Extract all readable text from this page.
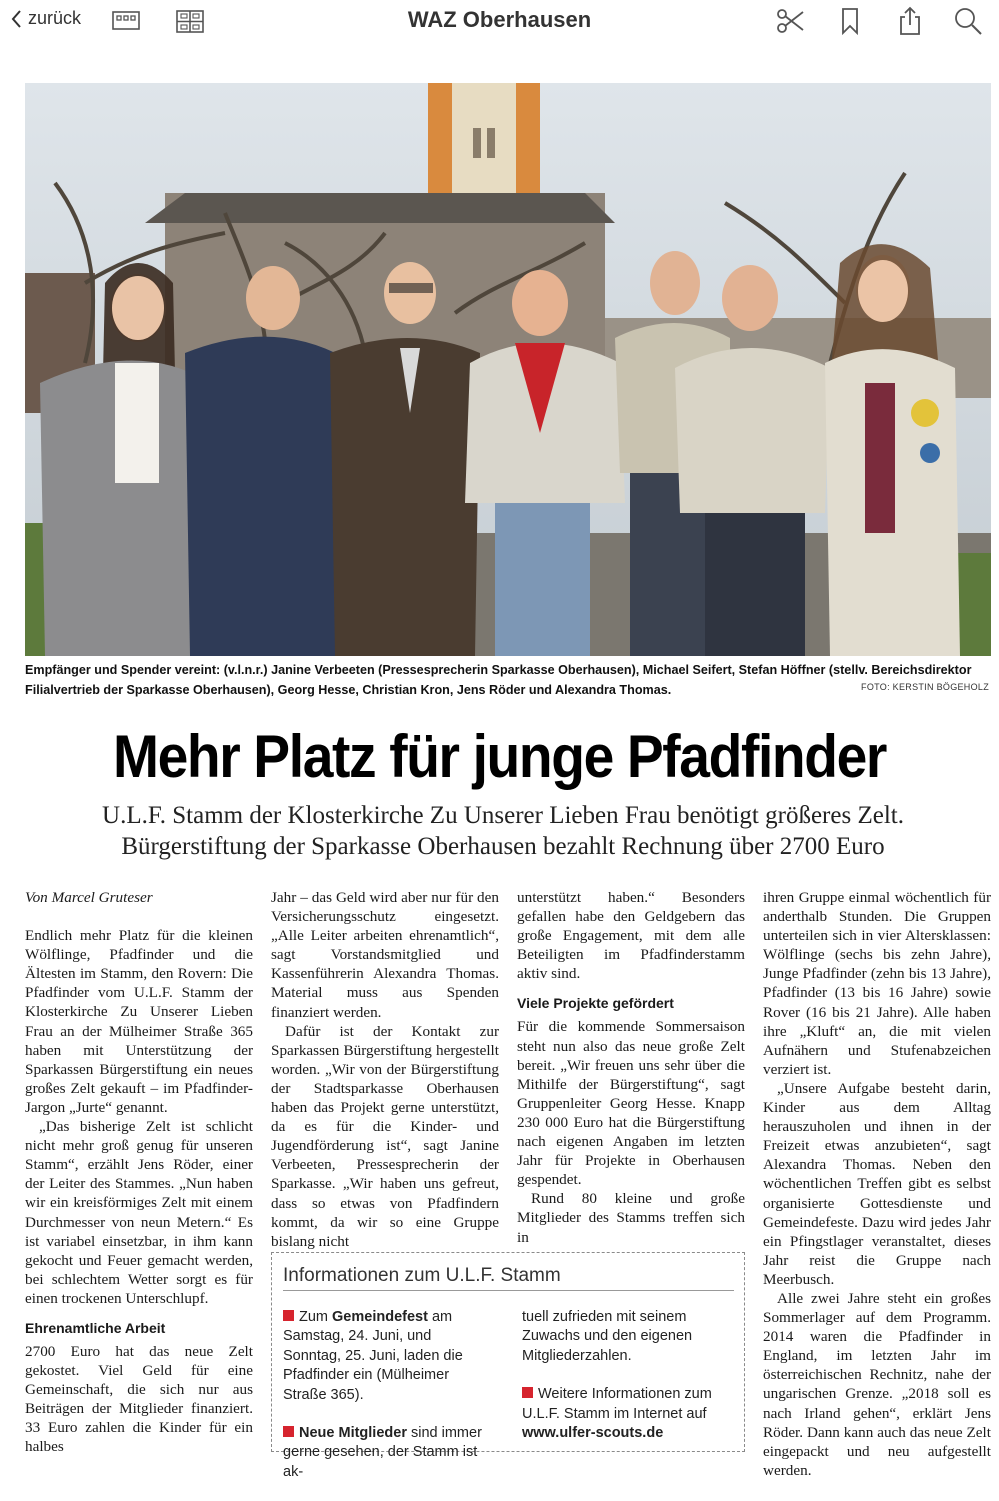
zurück	WAZ Oberhausen
Empfänger und Spender vereint: (v.l.n.r.) Janine Verbeeten (Pressesprecherin Sparkasse Oberhausen), Michael Seifert, Stefan Höffner (stellv. Bereichsdirektor Filialvertrieb der Sparkasse Oberhausen), Georg Hesse, Christian Kron, Jens Röder und Alexandra Thomas.	FOTO: KERSTIN BÖGEHOLZ
Mehr Platz für junge Pfadfinder
U.L.F. Stamm der Klosterkirche Zu Unserer Lieben Frau benötigt größeres Zelt.
Bürgerstiftung der Sparkasse Oberhausen bezahlt Rechnung über 2700 Euro

Von Marcel Gruteser

Endlich mehr Platz für die kleinen Wölflinge, Pfadfinder und die Ältesten im Stamm, den Rovern: Die Pfadfinder vom U.L.F. Stamm der Klosterkirche Zu Unserer Lieben Frau an der Mülheimer Straße 365 haben mit Unterstützung der Sparkassen Bürgerstiftung ein neues großes Zelt gekauft – im Pfadfinder-Jargon „Jurte“ genannt.

„Das bisherige Zelt ist schlicht nicht mehr groß genug für unseren Stamm“, erzählt Jens Röder, einer der Leiter des Stammes. „Nun haben wir ein kreisförmiges Zelt mit einem Durchmesser von neun Metern.“ Es ist variabel einsetzbar, in ihm kann gekocht und Feuer gemacht werden, bei schlechtem Wetter sorgt es für einen trockenen Unterschlupf.

Ehrenamtliche Arbeit

2700 Euro hat das neue Zelt gekostet. Viel Geld für eine Gemeinschaft, die sich nur aus Beiträgen der Mitglieder finanziert. 33 Euro zahlen die Kinder für ein halbes

Jahr – das Geld wird aber nur für den Versicherungsschutz eingesetzt. „Alle Leiter arbeiten ehrenamtlich“, sagt Vorstandsmitglied und Kassenführerin Alexandra Thomas. Material muss aus Spenden finanziert werden.

Dafür ist der Kontakt zur Sparkassen Bürgerstiftung hergestellt worden. „Wir von der Bürgerstiftung der Stadtsparkasse Oberhausen haben das Projekt gerne unterstützt, da es für die Kinder- und Jugendförderung ist“, sagt Janine Verbeeten, Pressesprecherin der Sparkasse. „Wir haben uns gefreut, dass so etwas von Pfadfindern kommt, da wir so eine Gruppe bislang nicht

unterstützt haben.“ Besonders gefallen habe den Geldgebern das große Engagement, mit dem alle Beteiligten im Pfadfinderstamm aktiv sind.

Viele Projekte gefördert

Für die kommende Sommersaison steht nun also das neue große Zelt bereit. „Wir freuen uns sehr über die Mithilfe der Bürgerstiftung“, sagt Gruppenleiter Georg Hesse. Knapp 230 000 Euro hat die Bürgerstiftung nach eigenen Angaben im letzten Jahr für Projekte in Oberhausen gespendet.

Rund 80 kleine und große Mitglieder des Stamms treffen sich in

ihren Gruppe einmal wöchentlich für anderthalb Stunden. Die Gruppen unterteilen sich in vier Altersklassen: Wölflinge (sechs bis zehn Jahre), Junge Pfadfinder (zehn bis 13 Jahre), Pfadfinder (13 bis 16 Jahre) sowie Rover (16 bis 21 Jahre). Alle haben ihre „Kluft“ an, die mit vielen Aufnähern und Stufenabzeichen verziert ist.

„Unsere Aufgabe besteht darin, Kinder aus dem Alltag herauszuholen und ihnen in der Freizeit etwas anzubieten“, sagt Alexandra Thomas. Neben den wöchentlichen Treffen gibt es selbst organisierte Gottesdienste und Gemeindefeste. Dazu wird jedes Jahr ein Pfingstlager veranstaltet, dieses Jahr reist die Gruppe nach Meerbusch.

Alle zwei Jahre steht ein großes Sommerlager auf dem Programm. 2014 waren die Pfadfinder in England, im letzten Jahr im österreichischen Rechnitz, nahe der ungarischen Grenze. „2018 soll es nach Irland gehen“, erklärt Jens Röder. Dann kann auch das neue Zelt eingepackt und neu aufgestellt werden.

Informationen zum U.L.F. Stamm

Zum Gemeindefest am Samstag, 24. Juni, und Sonntag, 25. Juni, laden die Pfadfinder ein (Mülheimer Straße 365).

Neue Mitglieder sind immer gerne gesehen, der Stamm ist ak-

tuell zufrieden mit seinem Zuwachs und den eigenen Mitgliederzahlen.

Weitere Informationen zum U.L.F. Stamm im Internet auf
www.ulfer-scouts.de
